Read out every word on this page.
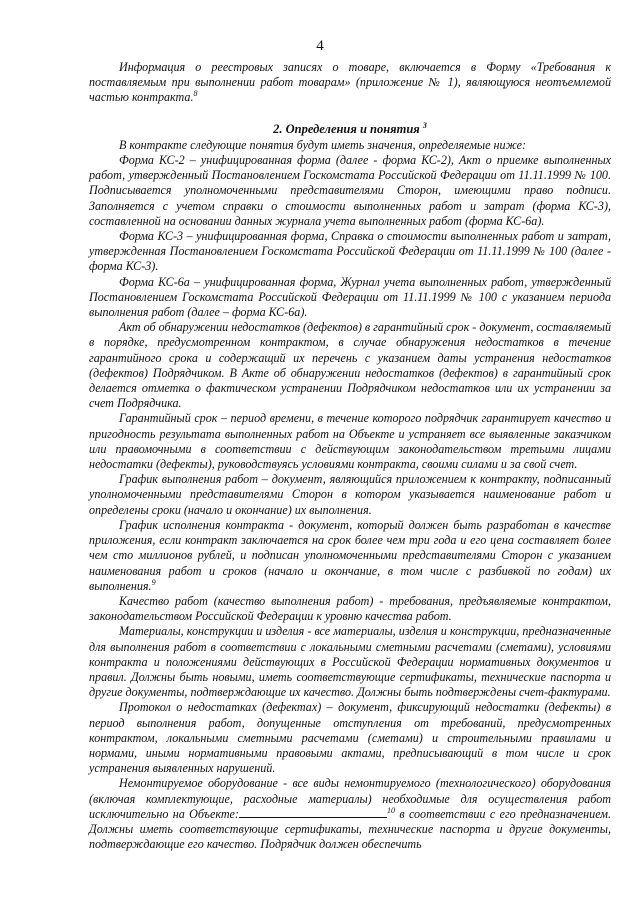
4

Информация о реестровых записях о товаре, включается в Форму «Требования к поставляемым при выполнении работ товарам» (приложение № 1), являющуюся неотъемлемой частью контракта.$^8$

2. Определения и понятия $^3$

В контракте следующие понятия будут иметь значения, определяемые ниже:

Форма КС-2 – унифицированная форма (далее - форма КС-2), Акт о приемке выполненных работ, утвержденный Постановлением Госкомстата Российской Федерации от 11.11.1999 № 100. Подписывается уполномоченными представителями Сторон, имеющими право подписи. Заполняется с учетом справки о стоимости выполненных работ и затрат (форма КС-3), составленной на основании данных журнала учета выполненных работ (форма КС-6а).

Форма КС-3 – унифицированная форма, Справка о стоимости выполненных работ и затрат, утвержденная Постановлением Госкомстата Российской Федерации от 11.11.1999 № 100 (далее - форма КС-3).

Форма КС-6а – унифицированная форма, Журнал учета выполненных работ, утвержденный Постановлением Госкомстата Российской Федерации от 11.11.1999 № 100 с указанием периода выполнения работ (далее – форма КС-6а).

Акт об обнаружении недостатков (дефектов) в гарантийный срок - документ, составляемый в порядке, предусмотренном контрактом, в случае обнаружения недостатков в течение гарантийного срока и содержащий их перечень с указанием даты устранения недостатков (дефектов) Подрядчиком. В Акте об обнаружении недостатков (дефектов) в гарантийный срок делается отметка о фактическом устранении Подрядчиком недостатков или их устранении за счет Подрядчика.

Гарантийный срок – период времени, в течение которого подрядчик гарантирует качество и пригодность результата выполненных работ на Объекте и устраняет все выявленные заказчиком или правомочными в соответствии с действующим законодательством третьими лицами недостатки (дефекты), руководствуясь условиями контракта, своими силами и за свой счет.

График выполнения работ – документ, являющийся приложением к контракту, подписанный уполномоченными представителями Сторон в котором указывается наименование работ и определены сроки (начало и окончание) их выполнения.

График исполнения контракта - документ, который должен быть разработан в качестве приложения, если контракт заключается на срок более чем три года и его цена составляет более чем сто миллионов рублей, и подписан уполномоченными представителями Сторон с указанием наименования работ и сроков (начало и окончание, в том числе с разбивкой по годам) их выполнения.$^9$

Качество работ (качество выполнения работ) - требования, предъявляемые контрактом, законодательством Российской Федерации к уровню качества работ.

Материалы, конструкции и изделия - все материалы, изделия и конструкции, предназначенные для выполнения работ в соответствии с локальными сметными расчетами (сметами), условиями контракта и положениями действующих в Российской Федерации нормативных документов и правил. Должны быть новыми, иметь соответствующие сертификаты, технические паспорта и другие документы, подтверждающие их качество. Должны быть подтверждены счет-фактурами.

Протокол о недостатках (дефектах) – документ, фиксирующий недостатки (дефекты) в период выполнения работ, допущенные отступления от требований, предусмотренных контрактом, локальными сметными расчетами (сметами) и строительными правилами и нормами, иными нормативными правовыми актами, предписывающий в том числе и срок устранения выявленных нарушений.

Немонтируемое оборудование - все виды немонтируемого (технологического) оборудования (включая комплектующие, расходные материалы) необходимые для осуществления работ исключительно на Объекте:	$^{10}$ в соответствии с его предназначением. Должны иметь соответствующие сертификаты, технические паспорта и другие документы, подтверждающие его качество. Подрядчик должен обеспечить
